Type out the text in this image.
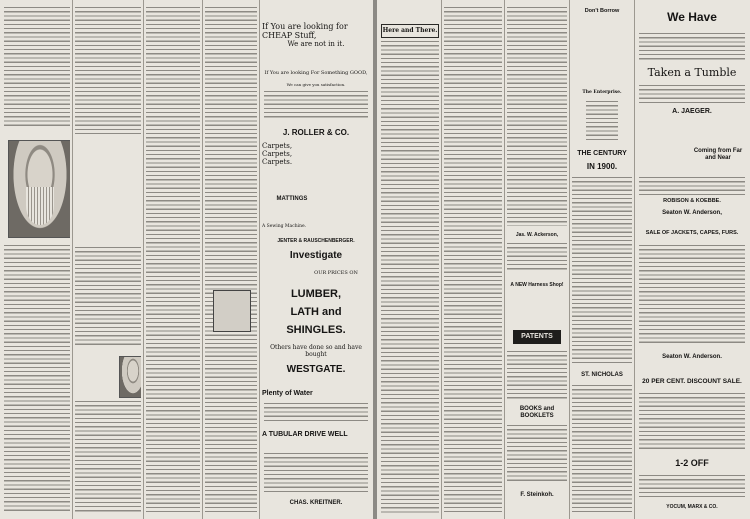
If You are looking for CHEAP Stuff,
We are not in it.
If You are looking For Something GOOD,
We can give you satisfaction.
J. ROLLER & CO.
Carpets, Carpets, Carpets.
MATTINGS
A Sewing Machine.
JENTER & RAUSCHENBERGER.
Investigate
OUR PRICES ON
LUMBER,
LATH and
SHINGLES.
Others have done so and have bought
WESTGATE.
Plenty of Water
A TUBULAR DRIVE WELL
CHAS. KREITNER.
Here and There.
Jas. W. Ackerson,
A NEW Harness Shop!
PATENTS
BOOKS and BOOKLETS
F. Steinkoh.
Don't Borrow
The Enterprise.
THE CENTURY
IN 1900.
ST. NICHOLAS
We Have
Taken a Tumble
A. JAEGER.
Coming from Far and Near
ROBISON & KOEBBE.
Seaton W. Anderson,
SALE OF JACKETS, CAPES, FURS.
Seaton W. Anderson.
20 PER CENT. DISCOUNT SALE.
1-2 OFF
YOCUM, MARX & CO.
